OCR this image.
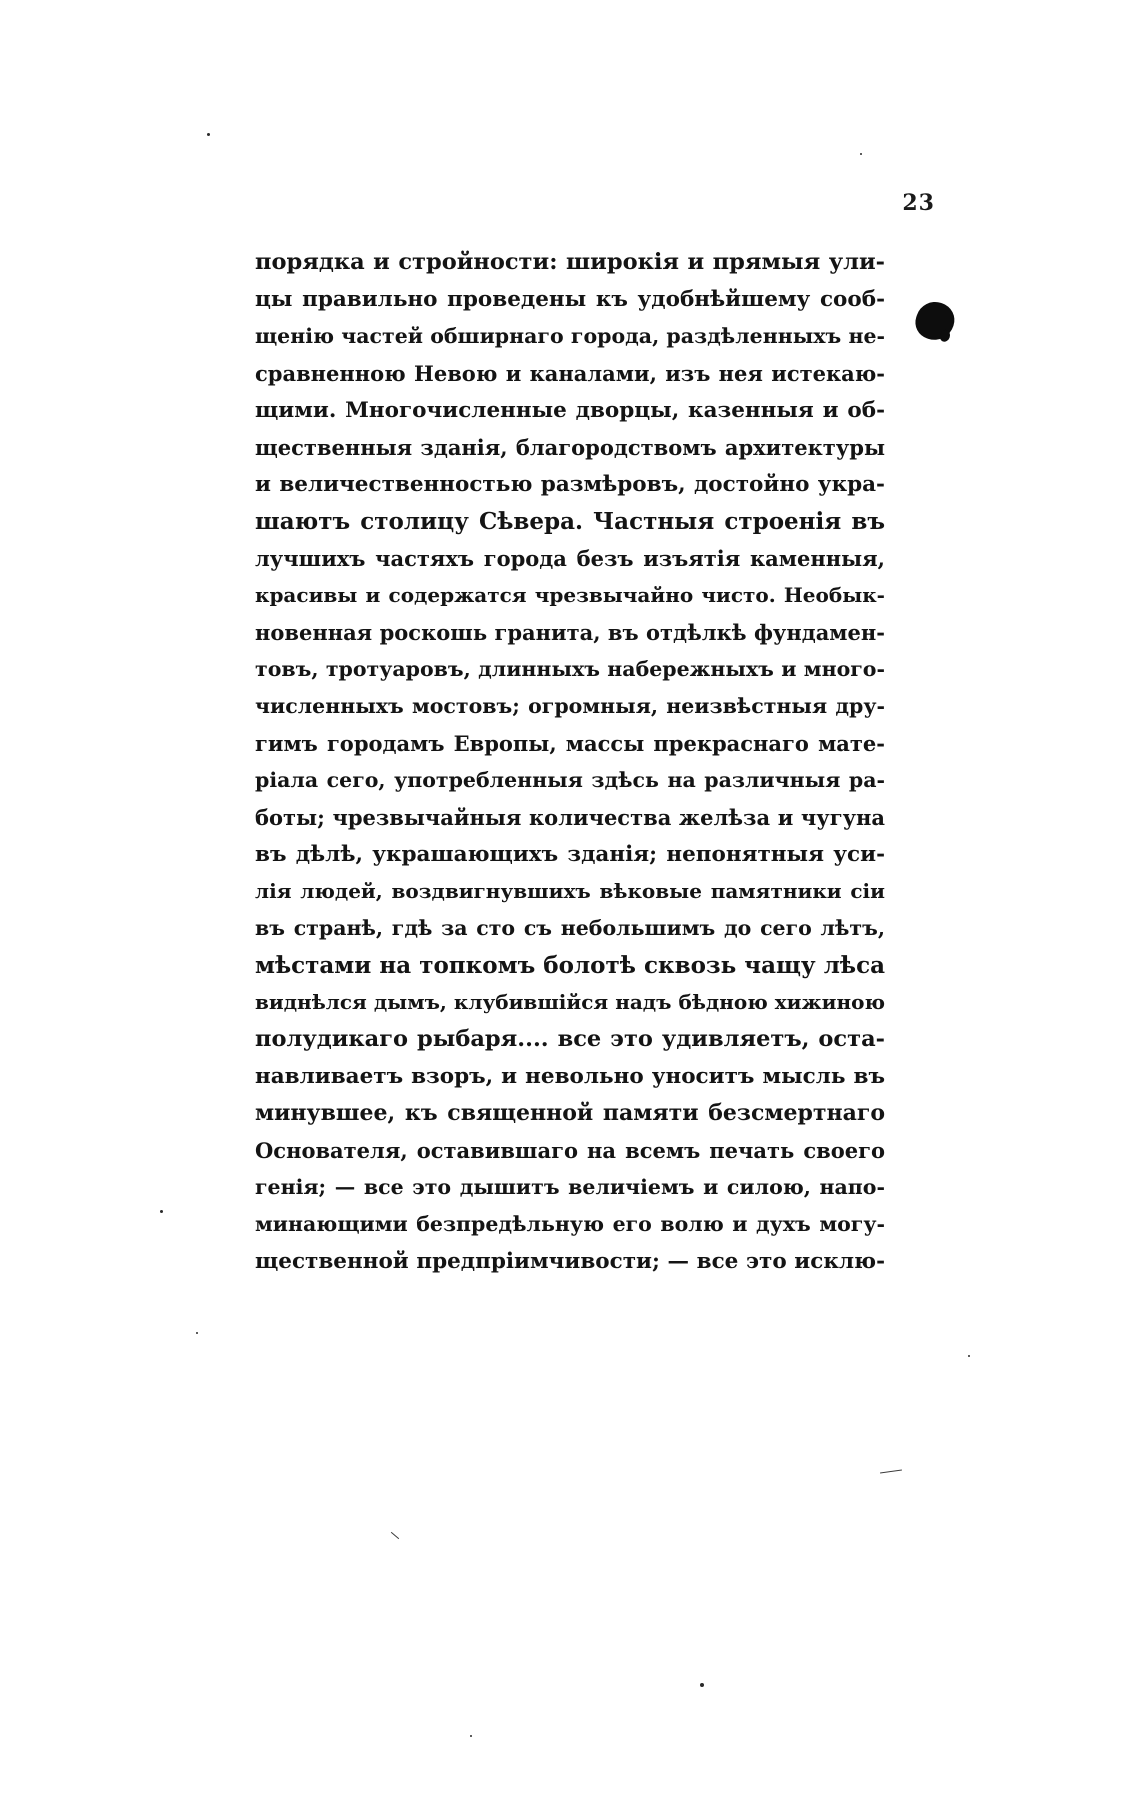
23
порядка и стройности: широкія и прямыя ули-
цы правильно проведены къ удобнѣйшему сооб-
щенію частей обширнаго города, раздѣленныхъ не-
сравненною Невою и каналами, изъ нея истекаю-
щими. Многочисленные дворцы, казенныя и об-
щественныя зданія, благородствомъ архитектуры
и величественностью размѣровъ, достойно укра-
шаютъ столицу Сѣвера. Частныя строенія въ
лучшихъ частяхъ города безъ изъятія каменныя,
красивы и содержатся чрезвычайно чисто. Необык-
новенная роскошь гранита, въ отдѣлкѣ фундамен-
товъ, тротуаровъ, длинныхъ набережныхъ и много-
численныхъ мостовъ; огромныя, неизвѣстныя дру-
гимъ городамъ Европы, массы прекраснаго мате-
ріала сего, употребленныя здѣсь на различныя ра-
боты; чрезвычайныя количества желѣза и чугуна
въ дѣлѣ, украшающихъ зданія; непонятныя уси-
лія людей, воздвигнувшихъ вѣковые памятники сіи
въ странѣ, гдѣ за сто съ небольшимъ до сего лѣтъ,
мѣстами на топкомъ болотѣ сквозь чащу лѣса
виднѣлся дымъ, клубившійся надъ бѣдною хижиною
полудикаго рыбаря.... все это удивляетъ, оста-
навливаетъ взоръ, и невольно уноситъ мысль въ
минувшее, къ священной памяти безсмертнаго
Основателя, оставившаго на всемъ печать своего
генія; — все это дышитъ величіемъ и силою, напо-
минающими безпредѣльную его волю и духъ могу-
щественной предпріимчивости; — все это исклю-
